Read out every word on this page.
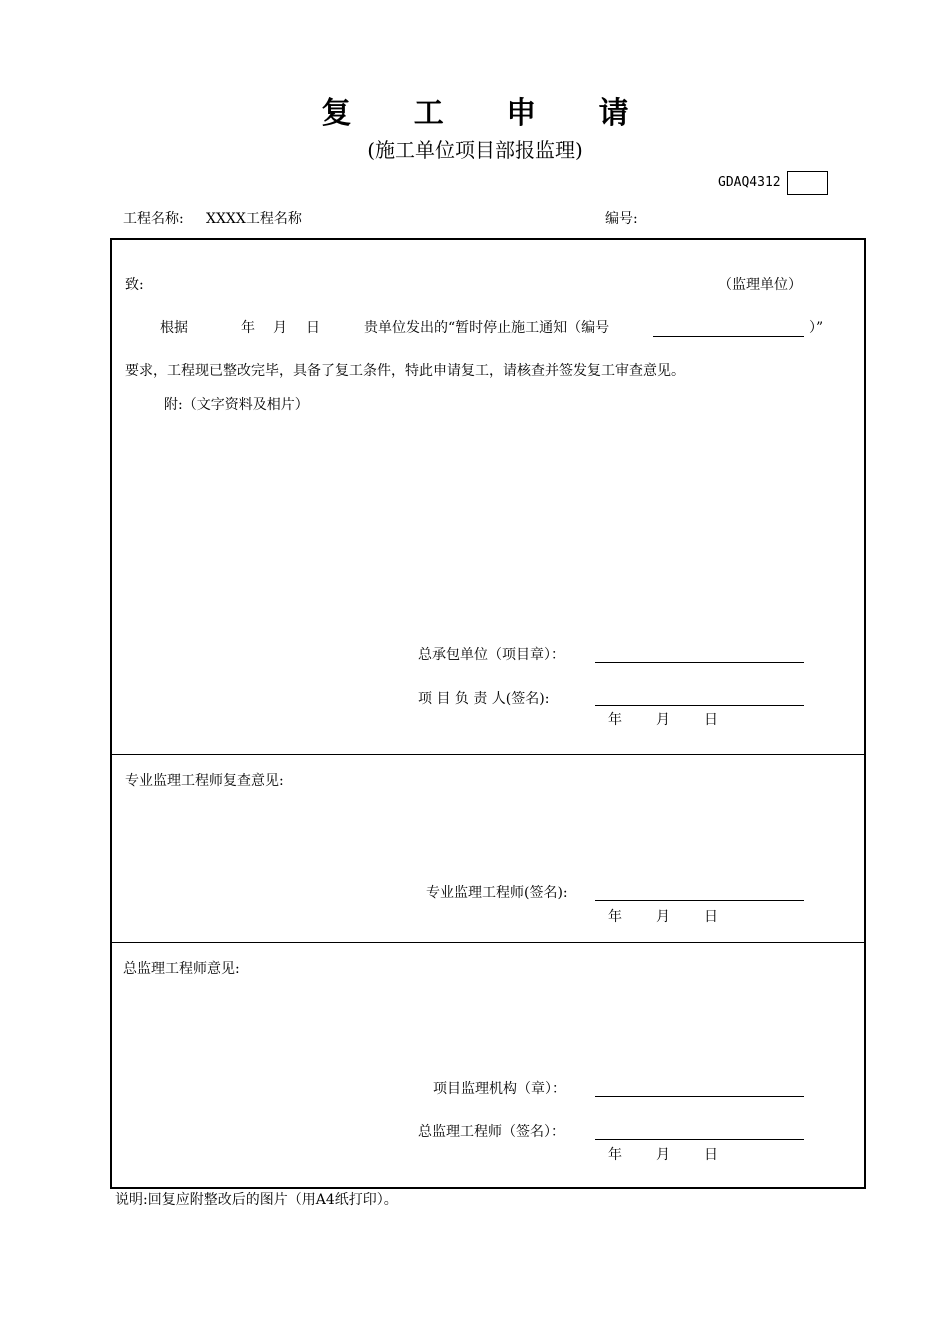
复 工 申 请
(施工单位项目部报监理)
GDAQ4312
工程名称: XXXX工程名称	编号:
致:	（监理单位）
根据	年 月 日	贵单位发出的“暂时停止施工通知（编号	）”
要求，工程现已整改完毕，具备了复工条件，特此申请复工，请核查并签发复工审查意见。
附:（文字资料及相片）
总承包单位（项目章）：
项 目 负 责 人(签名):
年 月 日
专业监理工程师复查意见:
专业监理工程师(签名):
年 月 日
总监理工程师意见:
项目监理机构（章）：
总监理工程师（签名）：
年 月 日
说明:回复应附整改后的图片（用A4纸打印）。
